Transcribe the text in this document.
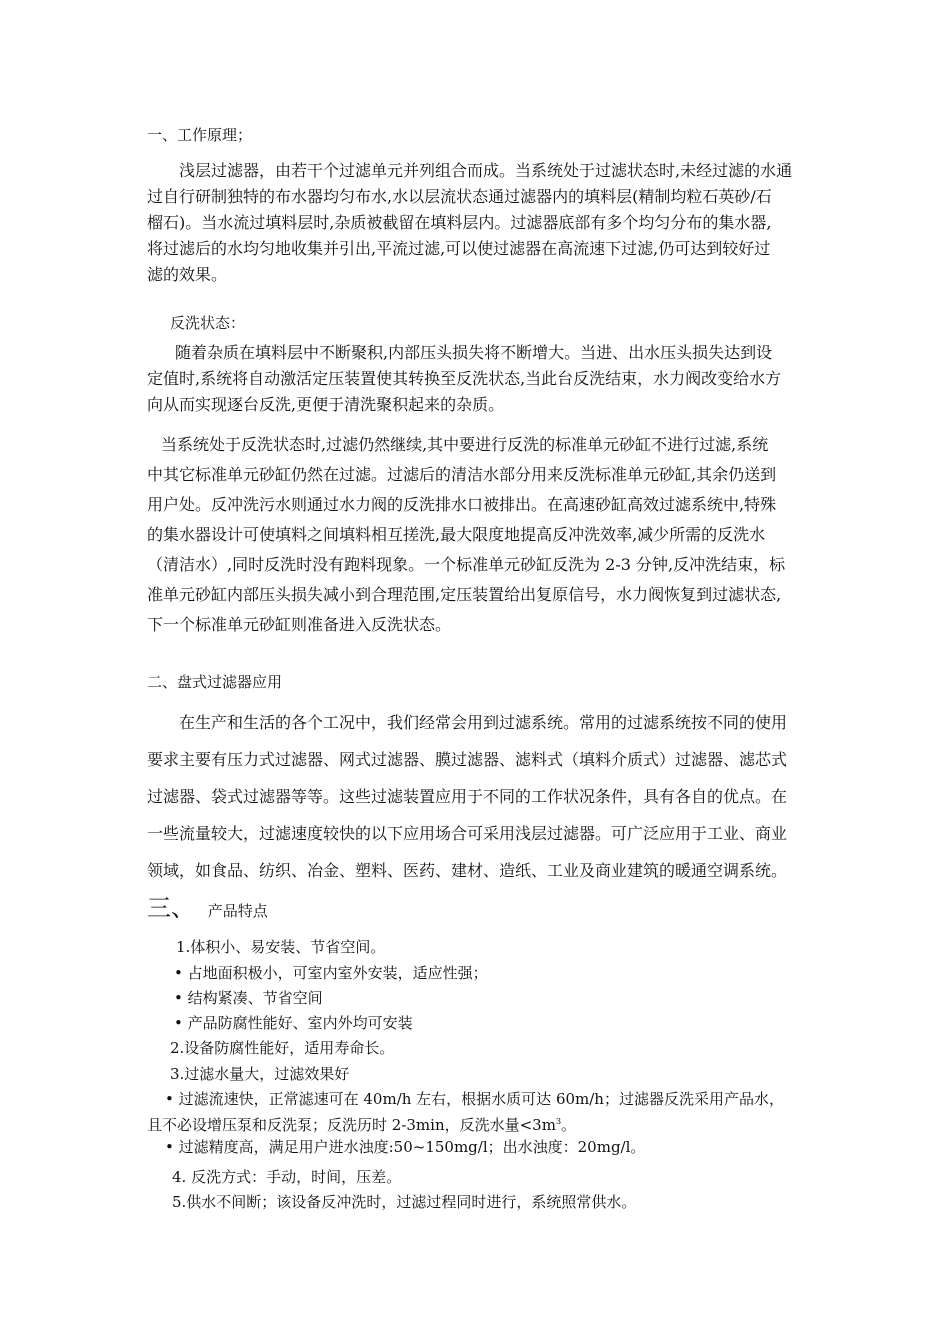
一、工作原理；
浅层过滤器，由若干个过滤单元并列组合而成。当系统处于过滤状态时,未经过滤的水通
过自行研制独特的布水器均匀布水,水以层流状态通过滤器内的填料层(精制均粒石英砂/石
榴石)。当水流过填料层时,杂质被截留在填料层内。过滤器底部有多个均匀分布的集水器,
将过滤后的水均匀地收集并引出,平流过滤,可以使过滤器在高流速下过滤,仍可达到较好过
滤的效果。
反洗状态：
随着杂质在填料层中不断聚积,内部压头损失将不断增大。当进、出水压头损失达到设
定值时,系统将自动激活定压装置使其转换至反洗状态,当此台反洗结束，水力阀改变给水方
向从而实现逐台反洗,更便于清洗聚积起来的杂质。
当系统处于反洗状态时,过滤仍然继续,其中要进行反洗的标准单元砂缸不进行过滤,系统
中其它标准单元砂缸仍然在过滤。过滤后的清洁水部分用来反洗标准单元砂缸,其余仍送到
用户处。反冲洗污水则通过水力阀的反洗排水口被排出。在高速砂缸高效过滤系统中,特殊
的集水器设计可使填料之间填料相互搓洗,最大限度地提高反冲洗效率,减少所需的反洗水
（清洁水）,同时反洗时没有跑料现象。一个标准单元砂缸反洗为 2-3 分钟,反冲洗结束，标
准单元砂缸内部压头损失减小到合理范围,定压装置给出复原信号，水力阀恢复到过滤状态,
下一个标准单元砂缸则准备进入反洗状态。
二、盘式过滤器应用
在生产和生活的各个工况中，我们经常会用到过滤系统。常用的过滤系统按不同的使用
要求主要有压力式过滤器、网式过滤器、膜过滤器、滤料式（填料介质式）过滤器、滤芯式
过滤器、袋式过滤器等等。这些过滤装置应用于不同的工作状况条件，具有各自的优点。在
一些流量较大，过滤速度较快的以下应用场合可采用浅层过滤器。可广泛应用于工业、商业
领域，如食品、纺织、冶金、塑料、医药、建材、造纸、工业及商业建筑的暖通空调系统。
三、 产品特点
1.体积小、易安装、节省空间。
• 占地面积极小，可室内室外安装，适应性强；
• 结构紧凑、节省空间
• 产品防腐性能好、室内外均可安装
2.设备防腐性能好，适用寿命长。
3.过滤水量大，过滤效果好
• 过滤流速快，正常滤速可在 40m/h 左右，根据水质可达 60m/h；过滤器反洗采用产品水，
且不必设增压泵和反洗泵；反洗历时 2-3min，反洗水量$<3m^3$。
• 过滤精度高，满足用户进水浊度:50~150mg/l；出水浊度：20mg/l。
4. 反洗方式：手动，时间，压差。
5.供水不间断；该设备反冲洗时，过滤过程同时进行，系统照常供水。
